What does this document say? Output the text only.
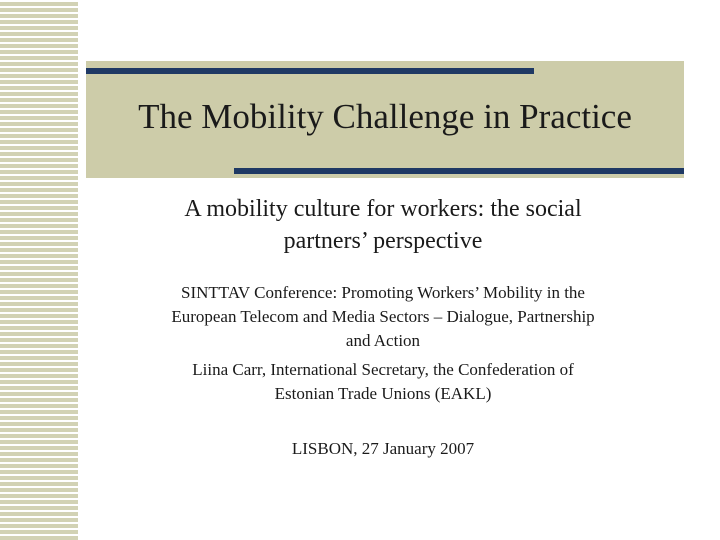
The Mobility Challenge in Practice
A mobility culture for workers: the social
partners’ perspective

SINTTAV Conference: Promoting Workers’ Mobility in the
European Telecom and Media Sectors – Dialogue, Partnership
and Action

Liina Carr, International Secretary, the Confederation of
Estonian Trade Unions (EAKL)

LISBON, 27 January 2007
